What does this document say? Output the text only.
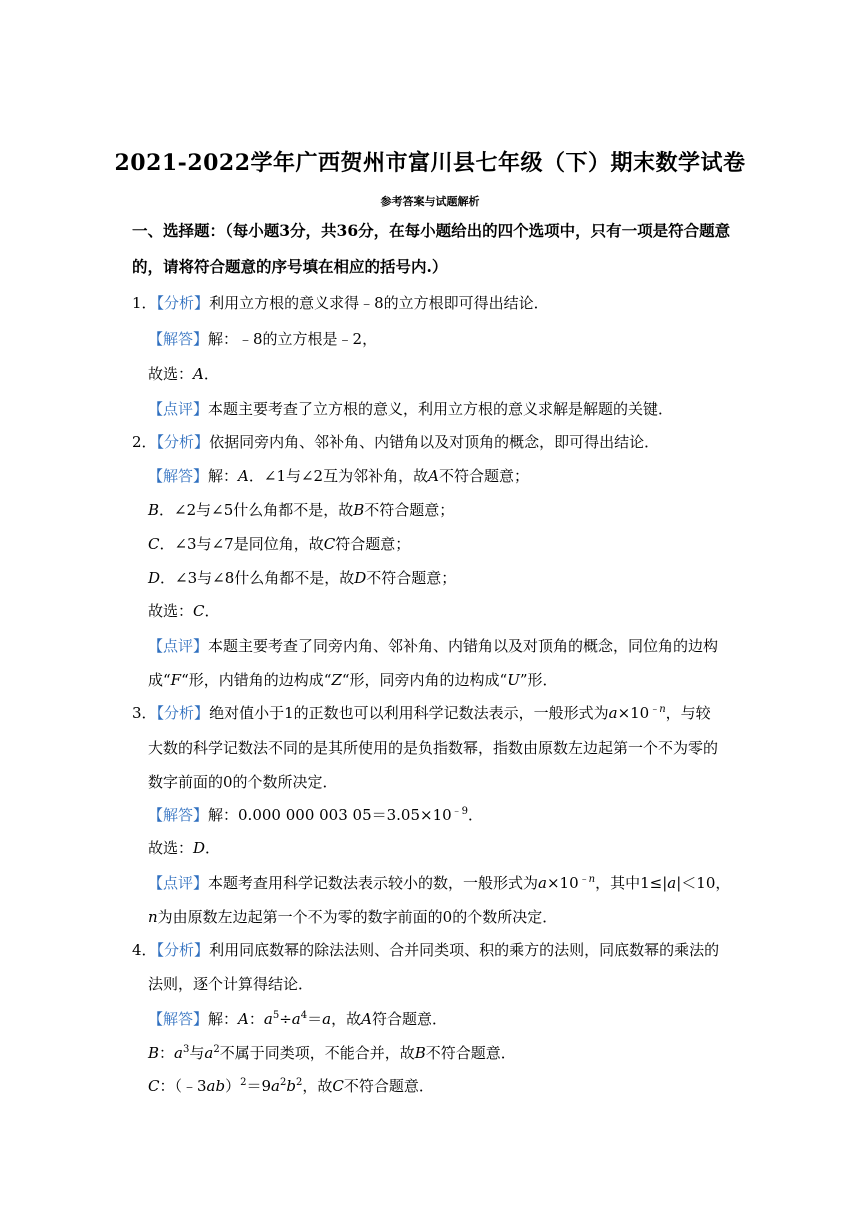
2021-2022学年广西贺州市富川县七年级（下）期末数学试卷
参考答案与试题解析
一、选择题：（每小题3分，共36分，在每小题给出的四个选项中，只有一项是符合题意
的，请将符合题意的序号填在相应的括号内.）
1．【分析】利用立方根的意义求得﹣8的立方根即可得出结论．
【解答】解：﹣8的立方根是﹣2，
故选：A．
【点评】本题主要考查了立方根的意义，利用立方根的意义求解是解题的关键．
2．【分析】依据同旁内角、邻补角、内错角以及对顶角的概念，即可得出结论．
【解答】解：A．∠1与∠2互为邻补角，故A不符合题意；
B．∠2与∠5什么角都不是，故B不符合题意；
C．∠3与∠7是同位角，故C符合题意；
D．∠3与∠8什么角都不是，故D不符合题意；
故选：C．
【点评】本题主要考查了同旁内角、邻补角、内错角以及对顶角的概念，同位角的边构
成“F“形，内错角的边构成“Z“形，同旁内角的边构成“U”形．
3．【分析】绝对值小于1的正数也可以利用科学记数法表示，一般形式为$a\times 10^{﹣n}$，与较
大数的科学记数法不同的是其所使用的是负指数幂，指数由原数左边起第一个不为零的
数字前面的0的个数所决定．
【解答】解：0.000 000 003 $05=3.05\times 10^{﹣9}$．
故选：D．
【点评】本题考查用科学记数法表示较小的数，一般形式为$a\times 10^{﹣n}$，其中1≤|a|＜10，
n为由原数左边起第一个不为零的数字前面的0的个数所决定．
4．【分析】利用同底数幂的除法法则、合并同类项、积的乘方的法则，同底数幂的乘法的
法则，逐个计算得结论．
【解答】解：A：$a^5\div a^4=a$，故A符合题意．
B：$a^3$与$a^2$不属于同类项，不能合并，故B不符合题意．
C：$(﹣3ab)^2=9a^2b^2$，故C不符合题意．
